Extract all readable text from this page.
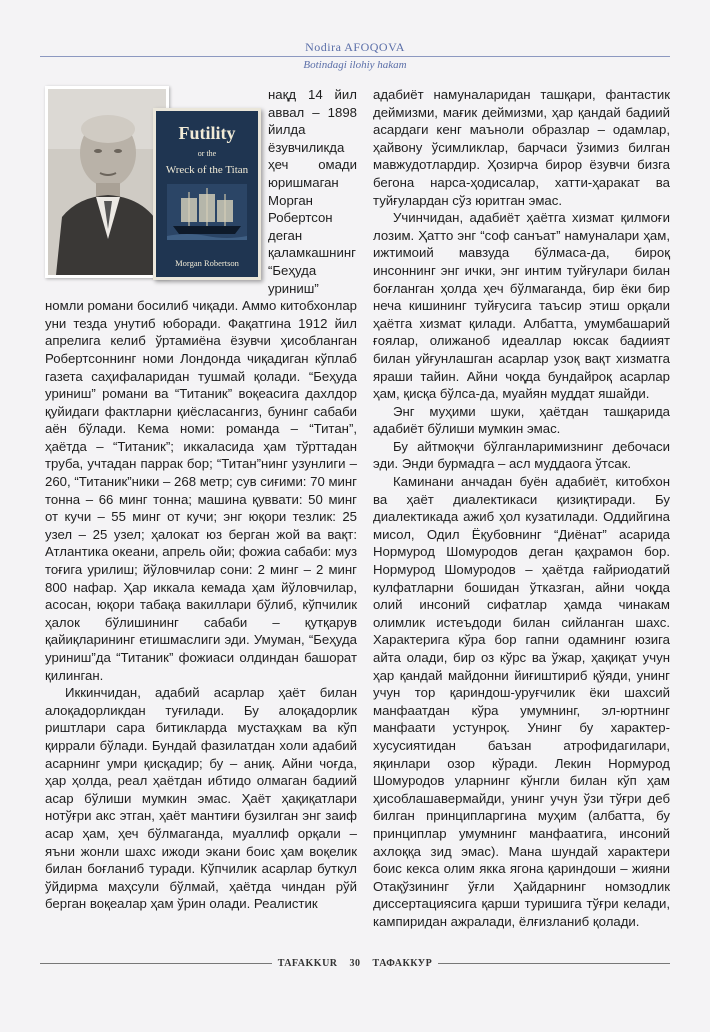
Nodira AFOQOVA
Botindagi ilohiy hakam
Futility
or the
Wreck of the Titan
Morgan Robertson

нақд 14 йил аввал – 1898 йилда ёзувчиликда ҳеч омади юришмаган Морган Робертсон деган қаламкашнинг “Беҳуда уриниш” номли романи босилиб чиқади. Аммо китобхонлар уни тезда унутиб юборади. Фақатгина 1912 йил апрелига келиб ўртамиёна ёзувчи ҳисобланган Робертсоннинг номи Лондонда чиқадиган кўплаб газета саҳифаларидан тушмай қолади. “Беҳуда уриниш” романи ва “Титаник” воқеасига дахлдор қуйидаги фактларни қиёсласангиз, бунинг сабаби аён бўлади. Кема номи: романда – “Титан”, ҳаётда – “Титаник”; иккаласида ҳам тўрттадан труба, учтадан паррак бор; “Титан”нинг узунлиги – 260, “Титаник”ники – 268 метр; сув сиғими: 70 минг тонна – 66 минг тонна; машина қуввати: 50 минг от кучи – 55 минг от кучи; энг юқори тезлик: 25 узел – 25 узел; ҳалокат юз берган жой ва вақт: Атлантика океани, апрель ойи; фожиа сабаби: муз тоғига урилиш; йўловчилар сони: 2 минг – 2 минг 800 нафар. Ҳар иккала кемада ҳам йўловчилар, асосан, юқори табақа вакиллари бўлиб, кўпчилик ҳалок бўлишининг сабаби – қутқарув қайиқларининг етишмаслиги эди. Умуман, “Беҳуда уриниш”да “Титаник” фожиаси олдиндан башорат қилинган.

Иккинчидан, адабий асарлар ҳаёт билан алоқадорликдан туғилади. Бу алоқадорлик риштлари сара битикларда мустаҳкам ва кўп қиррали бўлади. Бундай фазилатдан холи адабий асарнинг умри қисқадир; бу – аниқ. Айни чоғда, ҳар ҳолда, реал ҳаётдан ибтидо олмаган бадиий асар бўлиши мумкин эмас. Ҳаёт ҳақиқатлари нотўғри акс этган, ҳаёт мантиғи бузилган энг заиф асар ҳам, ҳеч бўлмаганда, муаллиф орқали – яъни жонли шахс ижоди экани боис ҳам воқелик билан боғланиб туради. Кўпчилик асарлар буткул ўйдирма маҳсули бўлмай, ҳаётда чиндан рўй берган воқеалар ҳам ўрин олади. Реалистик

адабиёт намуналаридан ташқари, фантастик деймизми, мағик деймизми, ҳар қандай бадиий асардаги кенг маънoли образлар – одамлар, ҳайвону ўсимликлар, барчаси ўзимиз билган мавжудотлардир. Ҳозирча бирор ёзувчи бизга бегона нарса-ҳодисалар, хатти-ҳаракат ва туйғулардан сўз юритган эмас.

Учинчидан, адабиёт ҳаётга хизмат қилмоғи лозим. Ҳатто энг “соф санъат” намуналари ҳам, ижтимоий мавзуда бўлмаса-да, бироқ инсоннинг энг ички, энг интим туйғулари билан боғланган ҳолда ҳеч бўлмаганда, бир ёки бир неча кишининг туйғусига таъсир этиш орқали ҳаётга хизмат қилади. Албатта, умумбашарий ғоялар, олижаноб идеаллар юксак бадиият билан уйғунлашган асарлар узоқ вақт хизматга яраши тайин. Айни чоқда бундайроқ асарлар ҳам, қисқа бўлса-да, муайян муддат яшайди.

Энг муҳими шуки, ҳаётдан ташқарида адабиёт бўлиши мумкин эмас.

Бу айтмоқчи бўлганларимизнинг дебочаси эди. Энди бурмадга – асл муддаога ўтсак.

Каминани анчадан буён адабиёт, китобхон ва ҳаёт диалектикаси қизиқтиради. Бу диалектикада ажиб ҳол кузатилади. Оддийгина мисол, Одил Ёқубовнинг “Диёнат” асарида Нормурод Шомуродов деган қаҳрамон бор. Нормурод Шомуродов – ҳаётда ғайриодатий кулфатларни бошидан ўтказган, айни чоқда олий инсоний сифатлар ҳамда чинакам олимлик истеъдоди билан сийланган шахс. Характерига кўра бор гапни одамнинг юзига айта олади, бир оз кўрс ва ўжар, ҳақиқат учун ҳар қандай майдонни йиғиштириб қўяди, унинг учун тор қариндош-уруғчилик ёки шахсий манфаатдан кўра умумнинг, эл-юртнинг манфаати устунроқ. Унинг бу характер-хусусиятидан баъзан атрофидагилари, яқинлари озор кўради. Лекин Нормурод Шомуродов уларнинг кўнгли билан кўп ҳам ҳисоблашавермайди, унинг учун ўзи тўғри деб билган принципларгина муҳим (албатта, бу принциплар умумнинг манфаатига, инсоний ахлоққа зид эмас). Мана шундай характери боис кекса олим якка ягона қариндоши – жияни Отақўзининг ўғли Ҳайдарнинг номзодлик диссертациясига қарши туришига тўғри келади, кампиридан ажралади, ёлғизланиб қолади.

TAFAKKUR 30 ТАФАККУР
